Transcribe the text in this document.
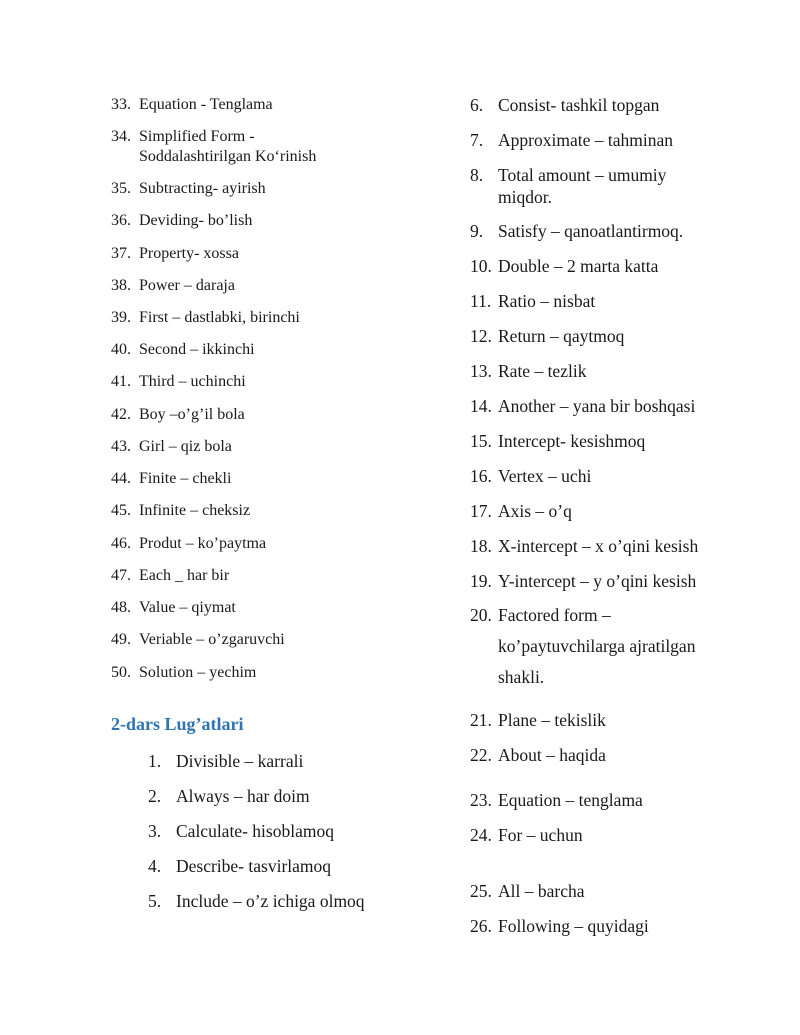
33. Equation - Tenglama
34. Simplified Form - Soddalashtirilgan Ko‘rinish
35. Subtracting- ayirish
36. Deviding- bo’lish
37. Property- xossa
38. Power – daraja
39. First – dastlabki, birinchi
40. Second – ikkinchi
41. Third – uchinchi
42. Boy –o’g’il bola
43. Girl – qiz bola
44. Finite – chekli
45. Infinite – cheksiz
46. Produt – ko’paytma
47. Each _ har bir
48. Value – qiymat
49. Veriable – o’zgaruvchi
50. Solution – yechim
2-dars Lug’atlari
1. Divisible – karrali
2. Always – har doim
3. Calculate- hisoblamoq
4. Describe- tasvirlamoq
5. Include – o’z ichiga olmoq
6. Consist- tashkil topgan
7. Approximate – tahminan
8. Total amount – umumiy miqdor.
9. Satisfy – qanoatlantirmoq.
10. Double – 2 marta katta
11. Ratio – nisbat
12. Return – qaytmoq
13. Rate – tezlik
14. Another – yana bir boshqasi
15. Intercept- kesishmoq
16. Vertex – uchi
17. Axis – o’q
18. X-intercept – x o’qini kesish
19. Y-intercept – y o’qini kesish
20. Factored form – ko’paytuvchilarga ajratilgan shakli.
21. Plane – tekislik
22. About – haqida
23. Equation – tenglama
24. For – uchun
25. All – barcha
26. Following – quyidagi
